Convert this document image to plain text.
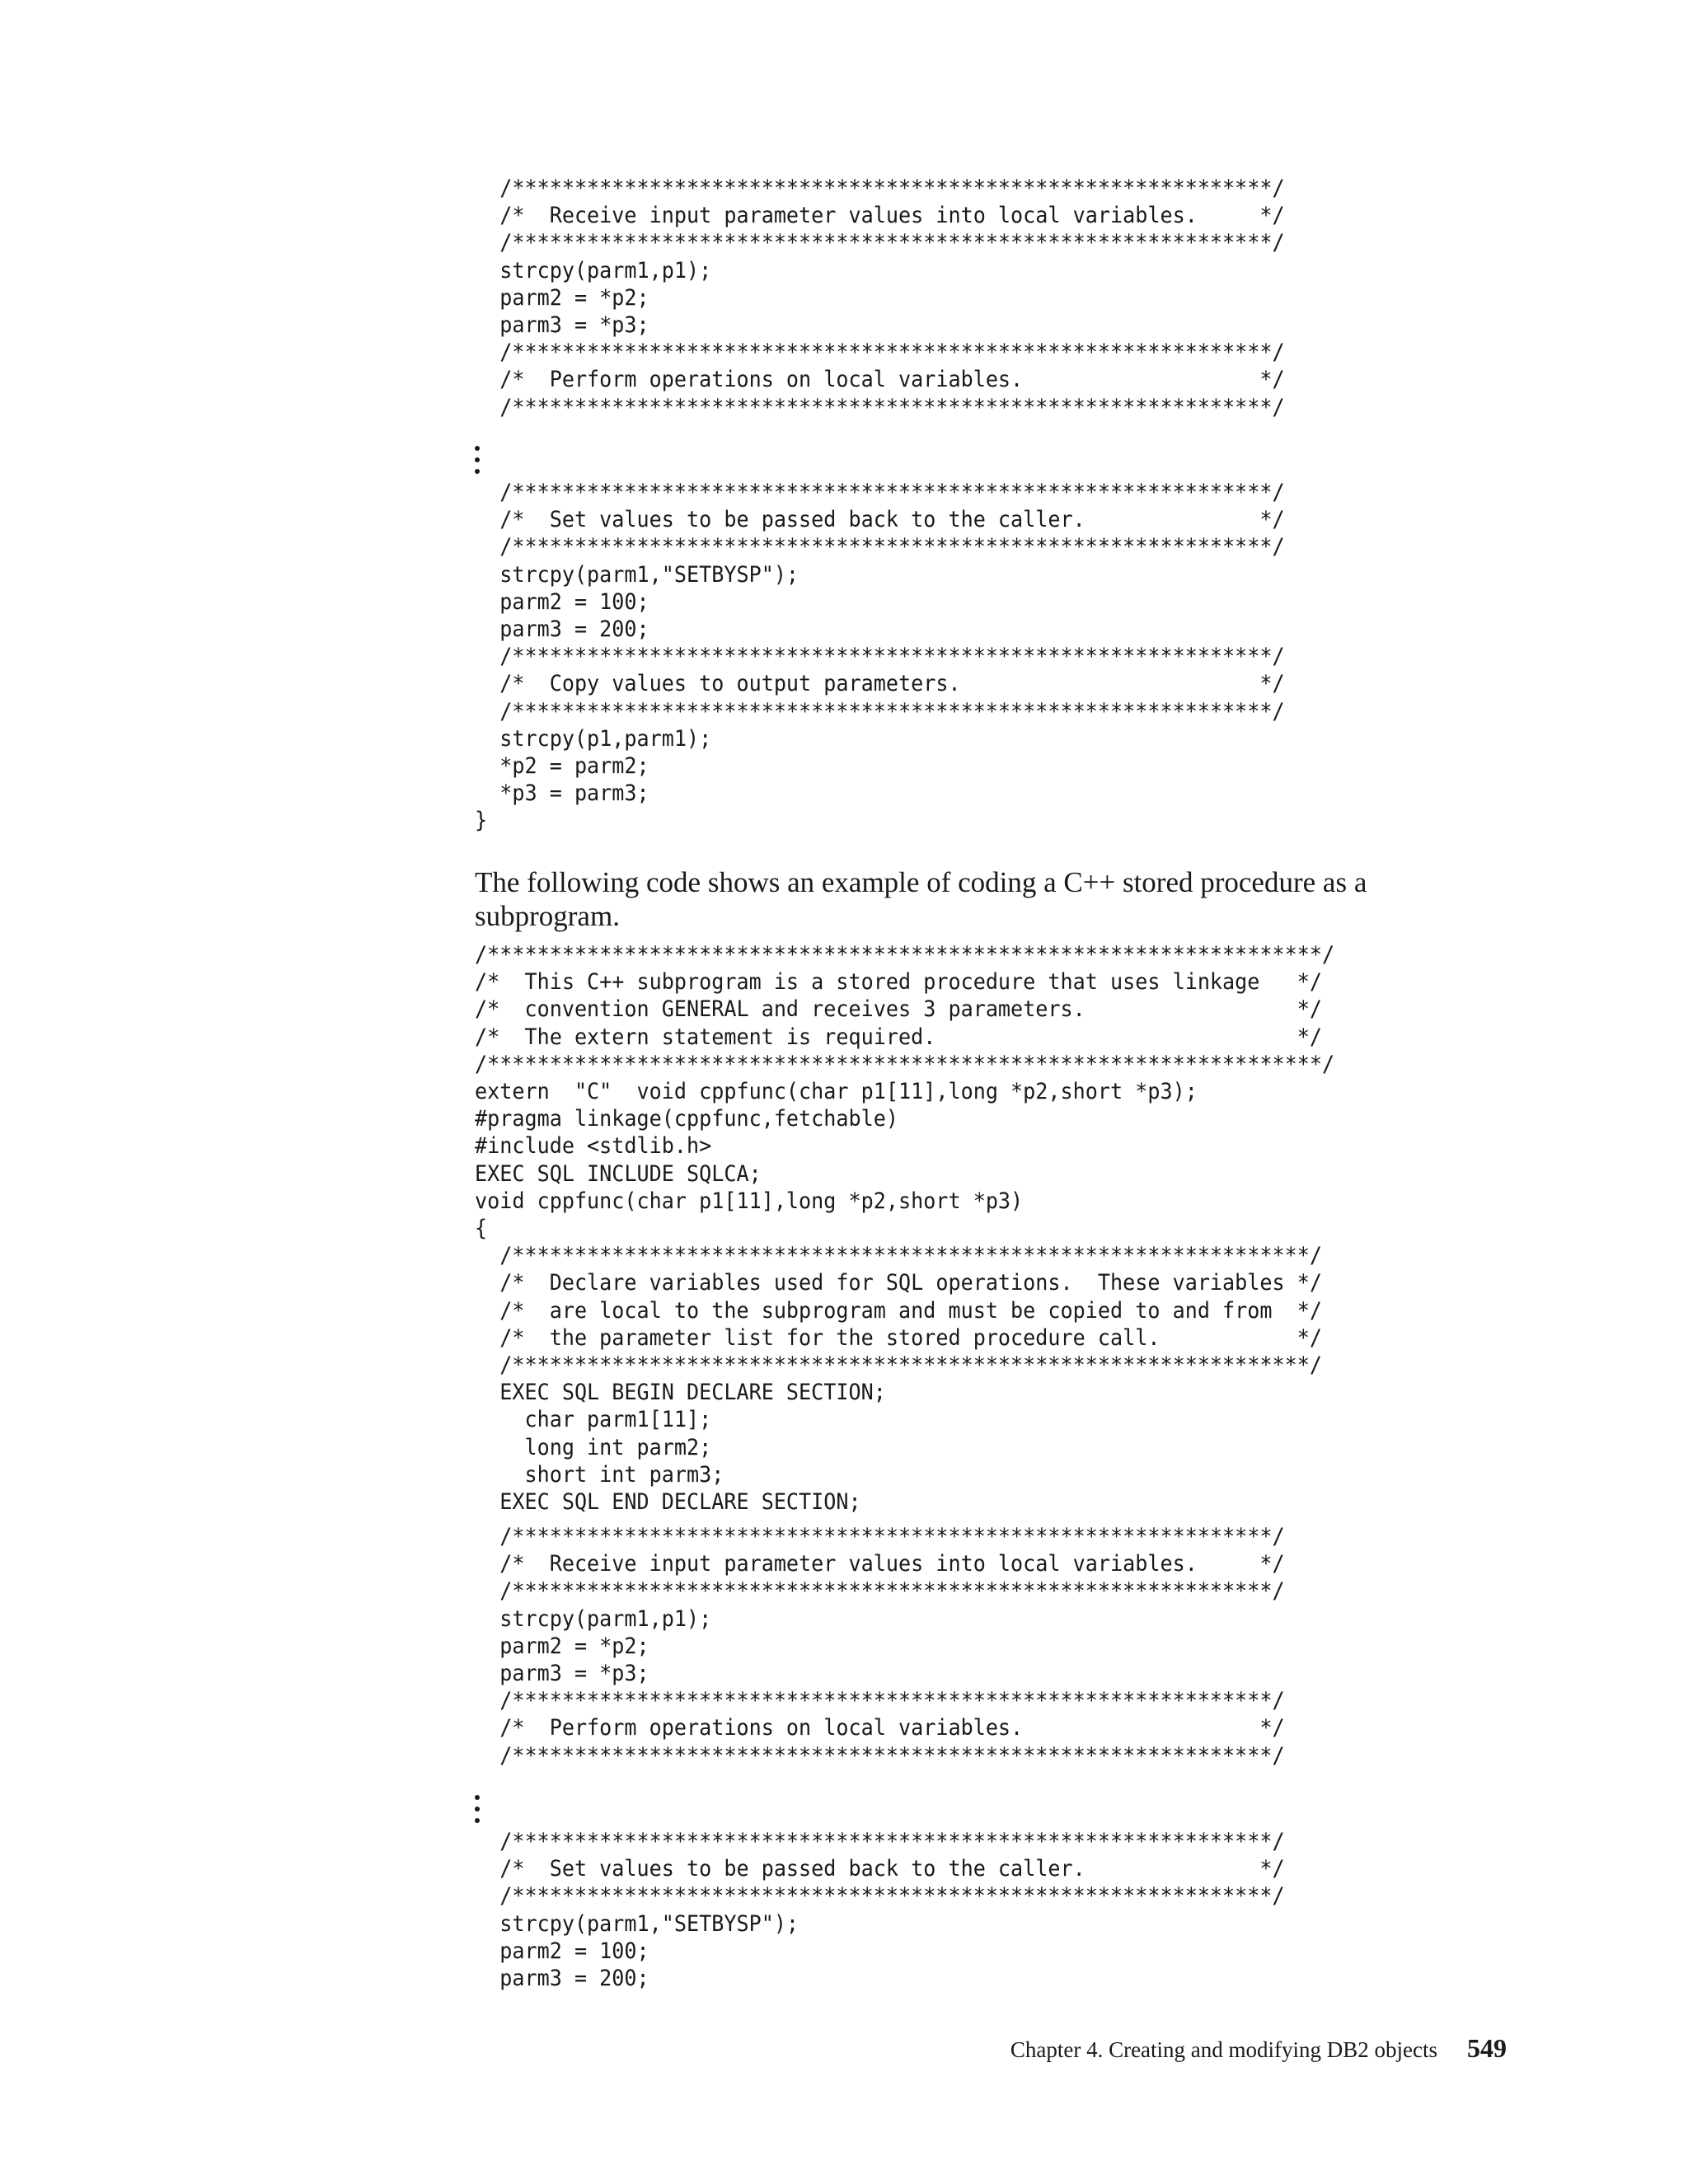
/*************************************************************/
/*  Receive input parameter values into local variables.     */
/*************************************************************/
strcpy(parm1,p1);
parm2 = *p2;
parm3 = *p3;
/*************************************************************/
/*  Perform operations on local variables.                   */
/*************************************************************/
/*************************************************************/
/*  Set values to be passed back to the caller.              */
/*************************************************************/
strcpy(parm1,"SETBYSP");
parm2 = 100;
parm3 = 200;
/*************************************************************/
/*  Copy values to output parameters.                        */
/*************************************************************/
strcpy(p1,parm1);
*p2 = parm2;
*p3 = parm3;
}

The following code shows an example of coding a C++ stored procedure as a subprogram.

/*******************************************************************/
/*  This C++ subprogram is a stored procedure that uses linkage   */
/*  convention GENERAL and receives 3 parameters.                 */
/*  The extern statement is required.                             */
/*******************************************************************/
extern  "C"  void cppfunc(char p1[11],long *p2,short *p3);
#pragma linkage(cppfunc,fetchable)
#include <stdlib.h>
EXEC SQL INCLUDE SQLCA;
void cppfunc(char p1[11],long *p2,short *p3)
{
/****************************************************************/
/*  Declare variables used for SQL operations.  These variables */
/*  are local to the subprogram and must be copied to and from  */
/*  the parameter list for the stored procedure call.           */
/****************************************************************/
EXEC SQL BEGIN DECLARE SECTION;
char parm1[11];
long int parm2;
short int parm3;
EXEC SQL END DECLARE SECTION;
/*************************************************************/
/*  Receive input parameter values into local variables.     */
/*************************************************************/
strcpy(parm1,p1);
parm2 = *p2;
parm3 = *p3;
/*************************************************************/
/*  Perform operations on local variables.                   */
/*************************************************************/
/*************************************************************/
/*  Set values to be passed back to the caller.              */
/*************************************************************/
strcpy(parm1,"SETBYSP");
parm2 = 100;
parm3 = 200;
Chapter 4. Creating and modifying DB2 objects 549
